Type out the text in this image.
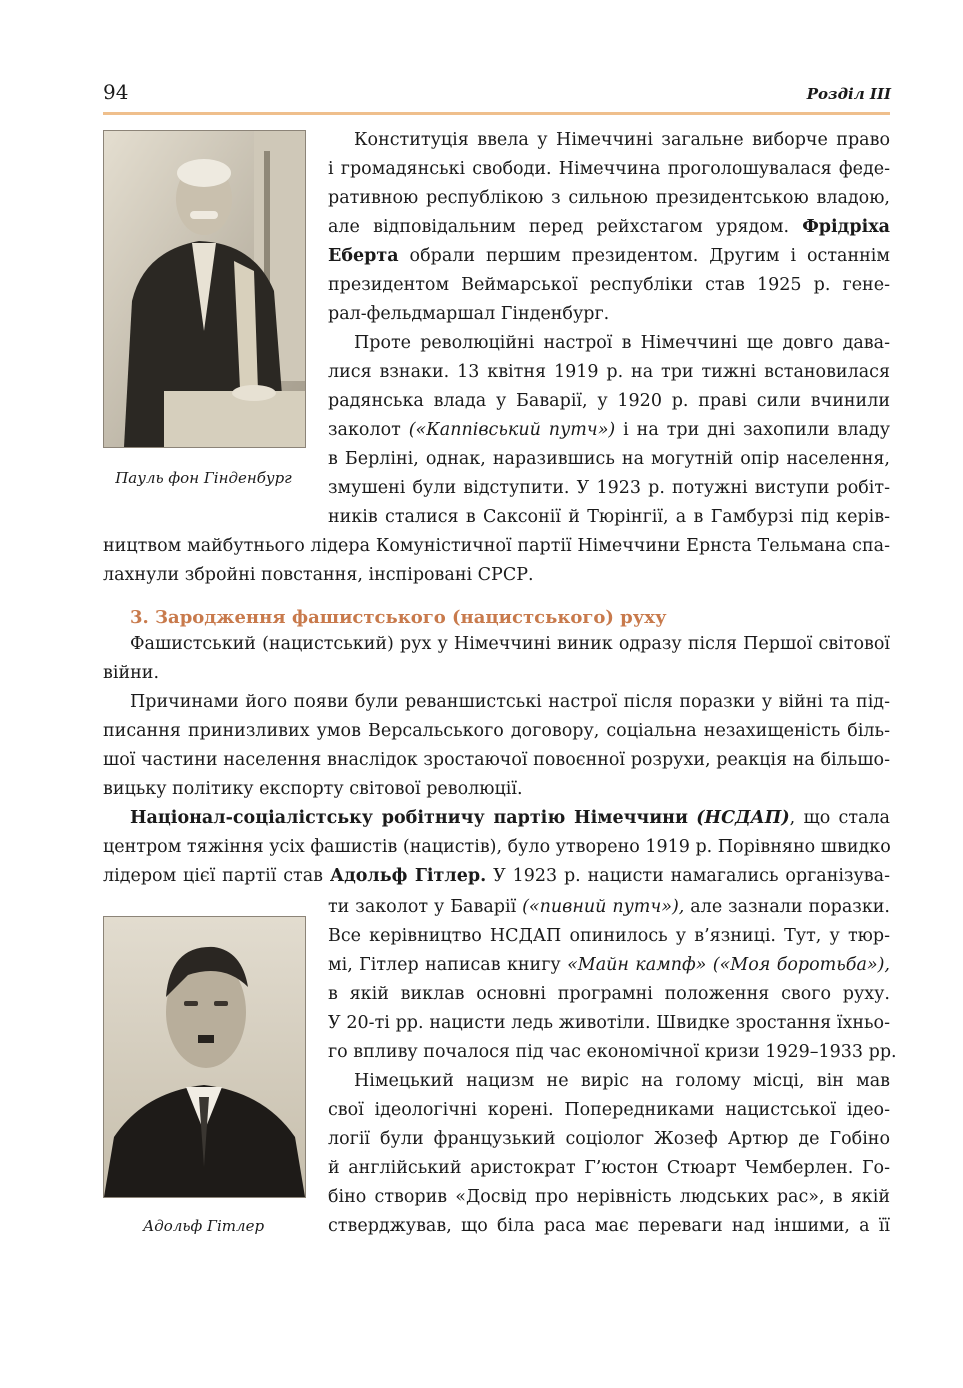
94	Розділ ІІІ
Пауль фон Гінденбург
Адольф Гітлер
3. Зародження фашистського (нацистського) руху
Конституція ввела у Німеччині загальне виборче право
і громадянські свободи. Німеччина проголошувалася феде-
ративною республікою з сильною президентською владою,
але відповідальним перед рейхстагом урядом. Фрідріха
Еберта обрали першим президентом. Другим і останнім
президентом Веймарської республіки став 1925 р. гене-
рал-фельдмаршал Гінденбург.
Проте революційні настрої в Німеччині ще довго дава-
лися взнаки. 13 квітня 1919 р. на три тижні встановилася
радянська влада у Баварії, у 1920 р. праві сили вчинили
заколот («Каппівський путч») і на три дні захопили владу
в Берліні, однак, наразившись на могутній опір населення,
змушені були відступити. У 1923 р. потужні виступи робіт-
ників сталися в Саксонії й Тюрінгії, а в Гамбурзі під керів-
ництвом майбутнього лідера Комуністичної партії Німеччини Ернста Тельмана спа-
лахнули збройні повстання, інспіровані СРСР.
Фашистський (нацистський) рух у Німеччині виник одразу після Першої світової
війни.
Причинами його появи були реваншистські настрої після поразки у війні та під-
писання принизливих умов Версальського договору, соціальна незахищеність біль-
шої частини населення внаслідок зростаючої повоєнної розрухи, реакція на більшо-
вицьку політику експорту світової революції.
Націонал-соціалістську робітничу партію Німеччини (НСДАП), що стала
центром тяжіння усіх фашистів (нацистів), було утворено 1919 р. Порівняно швидко
лідером цієї партії став Адольф Гітлер. У 1923 р. нацисти намагались організува-
ти заколот у Баварії («пивний путч»), але зазнали поразки.
Все керівництво НСДАП опинилось у в’язниці. Тут, у тюр-
мі, Гітлер написав книгу «Майн кампф» («Моя боротьба»),
в якій виклав основні програмні положення свого руху.
У 20-ті рр. нацисти ледь животіли. Швидке зростання їхньо-
го впливу почалося під час економічної кризи 1929–1933 рр.
Німецький нацизм не виріс на голому місці, він мав
свої ідеологічні корені. Попередниками нацистської ідео-
логії були французький соціолог Жозеф Артюр де Гобіно
й англійський аристократ Г’юстон Стюарт Чемберлен. Го-
біно створив «Досвід про нерівність людських рас», в якій
стверджував, що біла раса має переваги над іншими, а її
